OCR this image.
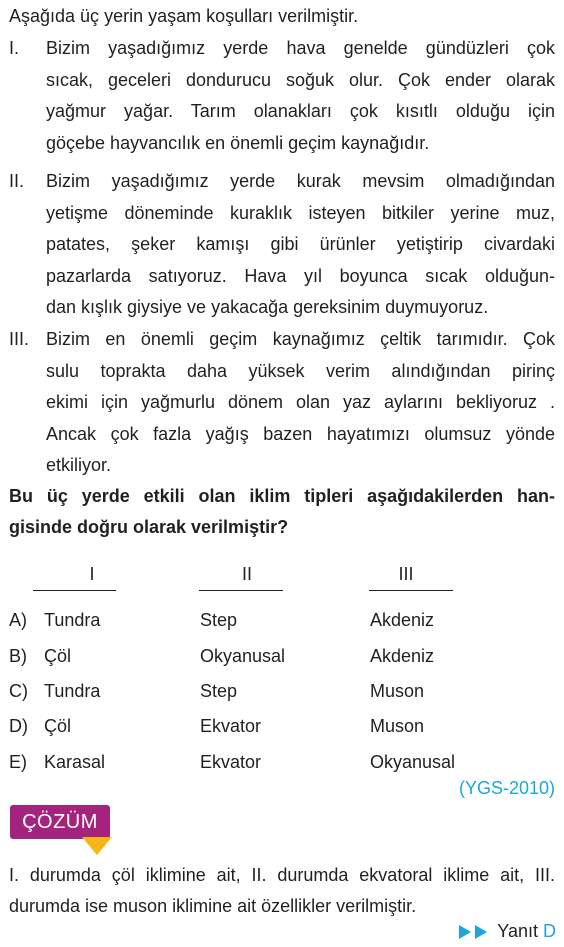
Aşağıda üç yerin yaşam koşulları verilmiştir.
I. Bizim yaşadığımız yerde hava genelde gündüzleri çok
sıcak, geceleri dondurucu soğuk olur. Çok ender olarak
yağmur yağar. Tarım olanakları çok kısıtlı olduğu için
göçebe hayvancılık en önemli geçim kaynağıdır.
II. Bizim yaşadığımız yerde kurak mevsim olmadığından
yetişme döneminde kuraklık isteyen bitkiler yerine muz,
patates, şeker kamışı gibi ürünler yetiştirip civardaki
pazarlarda satıyoruz. Hava yıl boyunca sıcak olduğun-
dan kışlık giysiye ve yakacağa gereksinim duymuyoruz.
III. Bizim en önemli geçim kaynağımız çeltik tarımıdır. Çok
sulu toprakta daha yüksek verim alındığından pirinç
ekimi için yağmurlu dönem olan yaz aylarını bekliyoruz .
Ancak çok fazla yağış bazen hayatımızı olumsuz yönde
etkiliyor.
Bu üç yerde etkili olan iklim tipleri aşağıdakilerden han-
gisinde doğru olarak verilmiştir?
I	II	III
A) Tundra	Step	Akdeniz
B) Çöl	Okyanusal	Akdeniz
C) Tundra	Step	Muson
D) Çöl	Ekvator	Muson
E) Karasal	Ekvator	Okyanusal
(YGS-2010)
ÇÖZÜM
I. durumda çöl iklimine ait, II. durumda ekvatoral iklime ait, III.
durumda ise muson iklimine ait özellikler verilmiştir.
Yanıt D
